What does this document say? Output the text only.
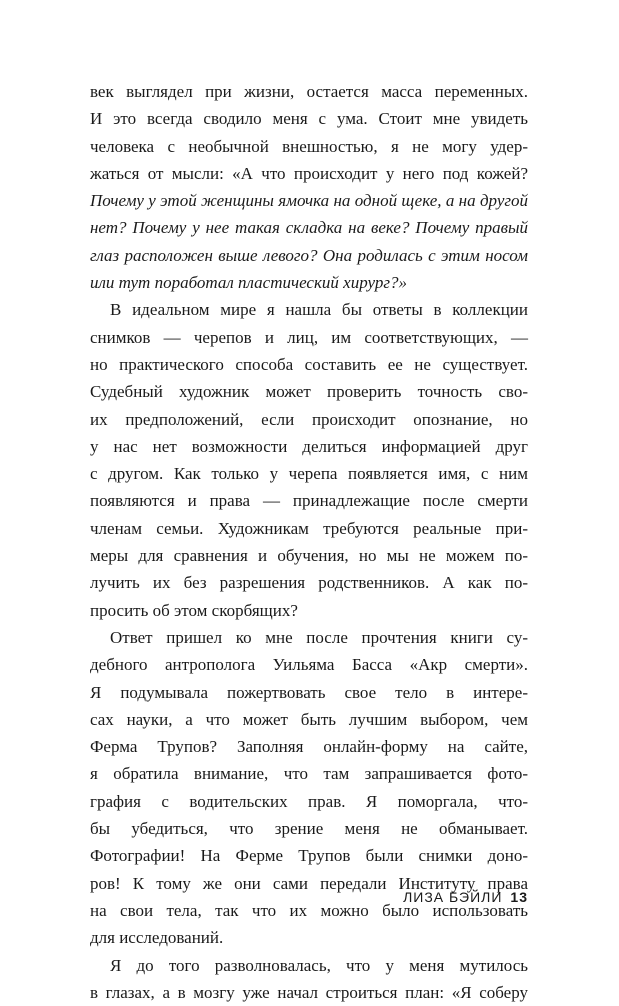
век выглядел при жизни, остается масса переменных.
И это всегда сводило меня с ума. Стоит мне увидеть
человека с необычной внешностью, я не могу удер-
жаться от мысли: «А что происходит у него под кожей?
Почему у этой женщины ямочка на одной щеке, а на другой
нет? Почему у нее такая складка на веке? Почему правый
глаз расположен выше левого? Она родилась с этим носом
или тут поработал пластический хирург?»
В идеальном мире я нашла бы ответы в коллекции
снимков — черепов и лиц, им соответствующих, —
но практического способа составить ее не существует.
Судебный художник может проверить точность сво-
их предположений, если происходит опознание, но
у нас нет возможности делиться информацией друг
с другом. Как только у черепа появляется имя, с ним
появляются и права — принадлежащие после смерти
членам семьи. Художникам требуются реальные при-
меры для сравнения и обучения, но мы не можем по-
лучить их без разрешения родственников. А как по-
просить об этом скорбящих?
Ответ пришел ко мне после прочтения книги су-
дебного антрополога Уильяма Басса «Акр смерти».
Я подумывала пожертвовать свое тело в интере-
сах науки, а что может быть лучшим выбором, чем
Ферма Трупов? Заполняя онлайн-форму на сайте,
я обратила внимание, что там запрашивается фото-
графия с водительских прав. Я поморгала, что-
бы убедиться, что зрение меня не обманывает.
Фотографии! На Ферме Трупов были снимки доно-
ров! К тому же они сами передали Институту права
на свои тела, так что их можно было использовать
для исследований.
Я до того разволновалась, что у меня мутилось
в глазах, а в мозгу уже начал строиться план: «Я соберу
ЛИЗА БЭЙЛИ 13
